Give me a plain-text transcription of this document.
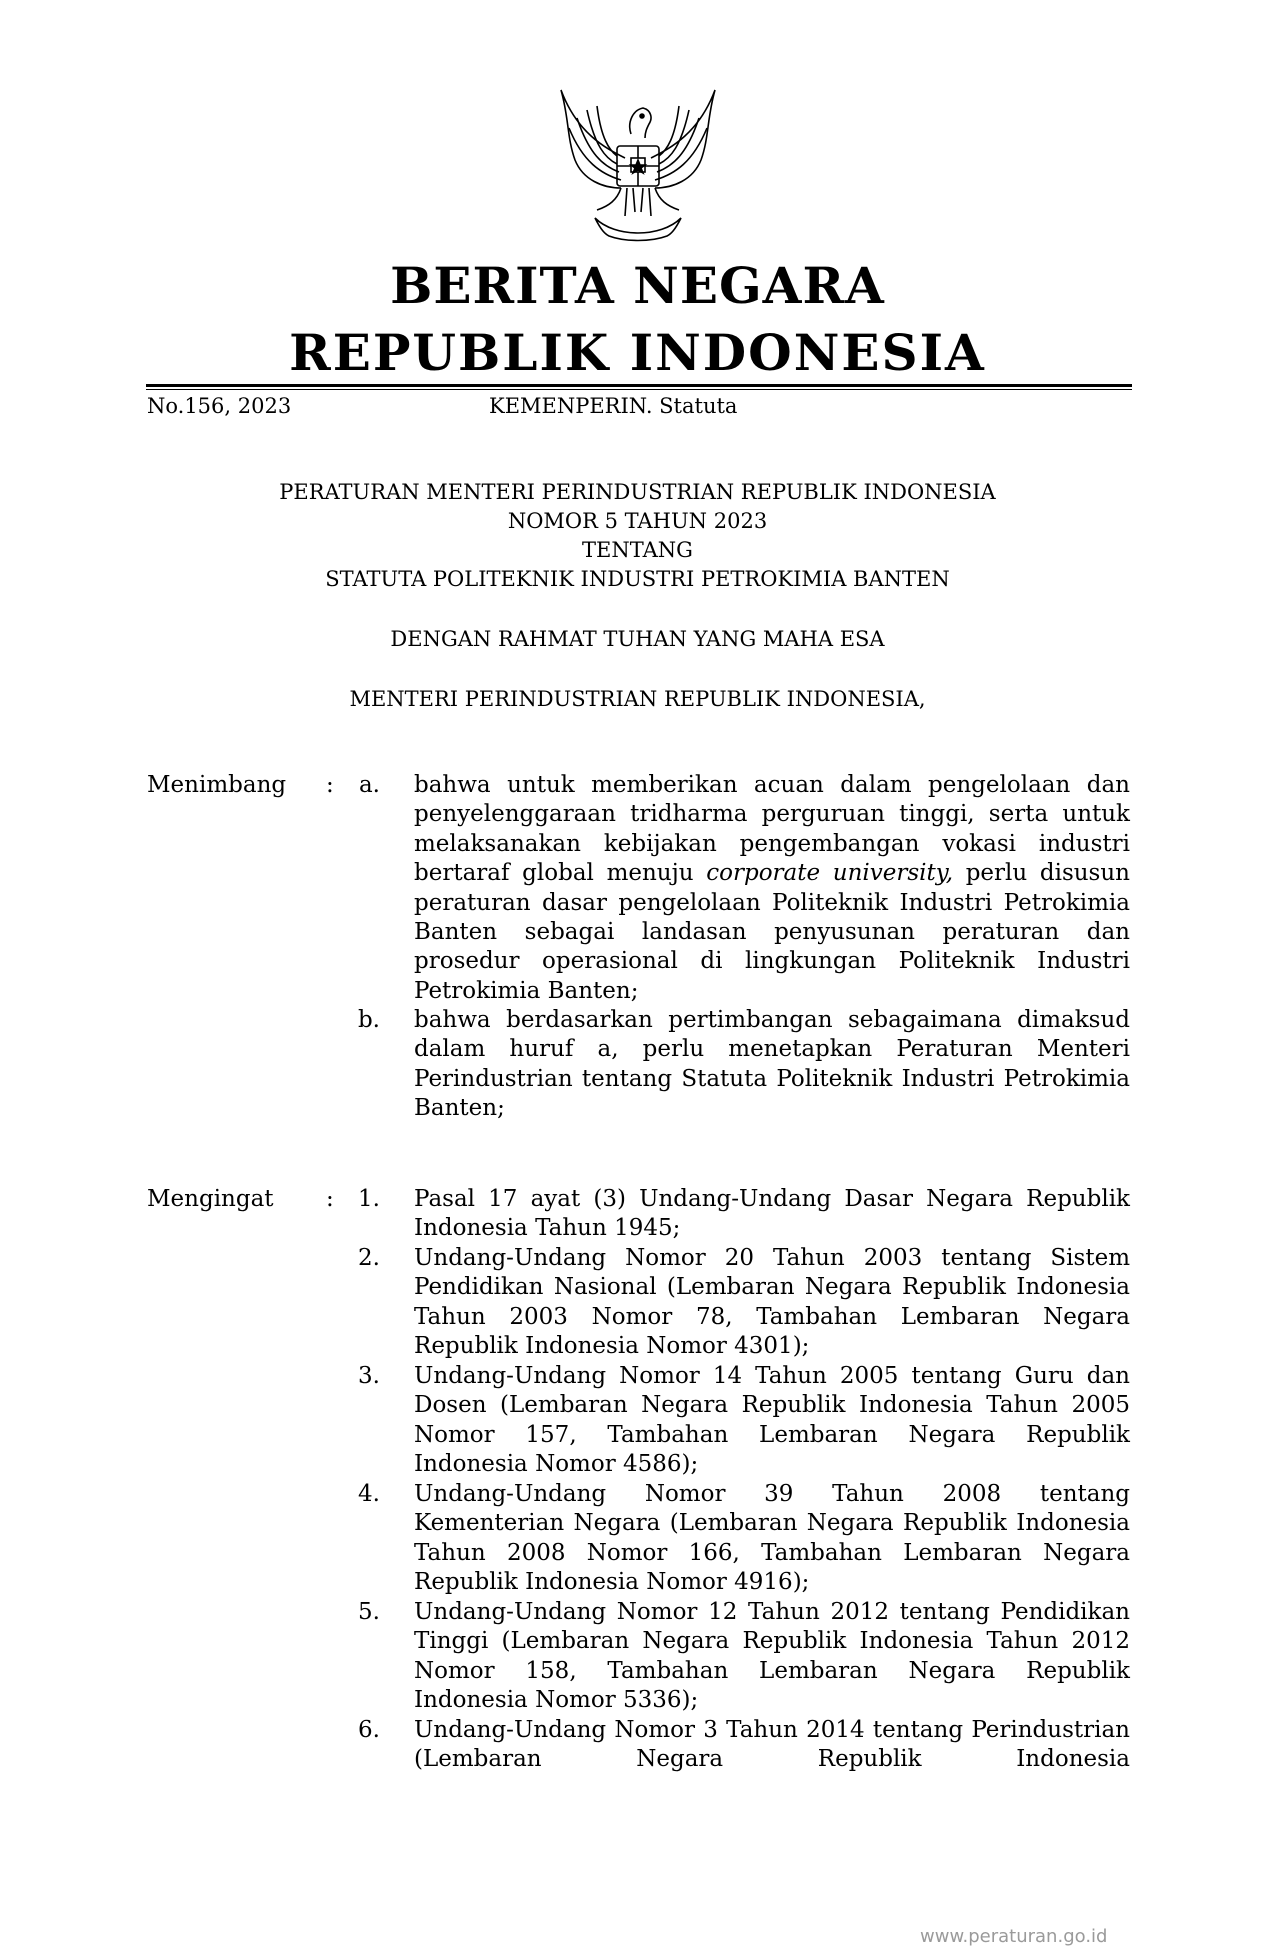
BERITA NEGARA
REPUBLIK INDONESIA
No.156, 2023	KEMENPERIN. Statuta
PERATURAN MENTERI PERINDUSTRIAN REPUBLIK INDONESIA
NOMOR 5 TAHUN 2023
TENTANG
STATUTA POLITEKNIK INDUSTRI PETROKIMIA BANTEN
DENGAN RAHMAT TUHAN YANG MAHA ESA
MENTERI PERINDUSTRIAN REPUBLIK INDONESIA,
Menimbang :	a. bahwa untuk memberikan acuan dalam pengelolaan dan penyelenggaraan tridharma perguruan tinggi, serta untuk melaksanakan kebijakan pengembangan vokasi industri bertaraf global menuju corporate university, perlu disusun peraturan dasar pengelolaan Politeknik Industri Petrokimia Banten sebagai landasan penyusunan peraturan dan prosedur operasional di lingkungan Politeknik Industri Petrokimia Banten;
b. bahwa berdasarkan pertimbangan sebagaimana dimaksud dalam huruf a, perlu menetapkan Peraturan Menteri Perindustrian tentang Statuta Politeknik Industri Petrokimia Banten;
Mengingat :	1. Pasal 17 ayat (3) Undang-Undang Dasar Negara Republik Indonesia Tahun 1945;
2. Undang-Undang Nomor 20 Tahun 2003 tentang Sistem Pendidikan Nasional (Lembaran Negara Republik Indonesia Tahun 2003 Nomor 78, Tambahan Lembaran Negara Republik Indonesia Nomor 4301);
3. Undang-Undang Nomor 14 Tahun 2005 tentang Guru dan Dosen (Lembaran Negara Republik Indonesia Tahun 2005 Nomor 157, Tambahan Lembaran Negara Republik Indonesia Nomor 4586);
4. Undang-Undang Nomor 39 Tahun 2008 tentang Kementerian Negara (Lembaran Negara Republik Indonesia Tahun 2008 Nomor 166, Tambahan Lembaran Negara Republik Indonesia Nomor 4916);
5. Undang-Undang Nomor 12 Tahun 2012 tentang Pendidikan Tinggi (Lembaran Negara Republik Indonesia Tahun 2012 Nomor 158, Tambahan Lembaran Negara Republik Indonesia Nomor 5336);
6. Undang-Undang Nomor 3 Tahun 2014 tentang Perindustrian (Lembaran Negara Republik Indonesia
www.peraturan.go.id
